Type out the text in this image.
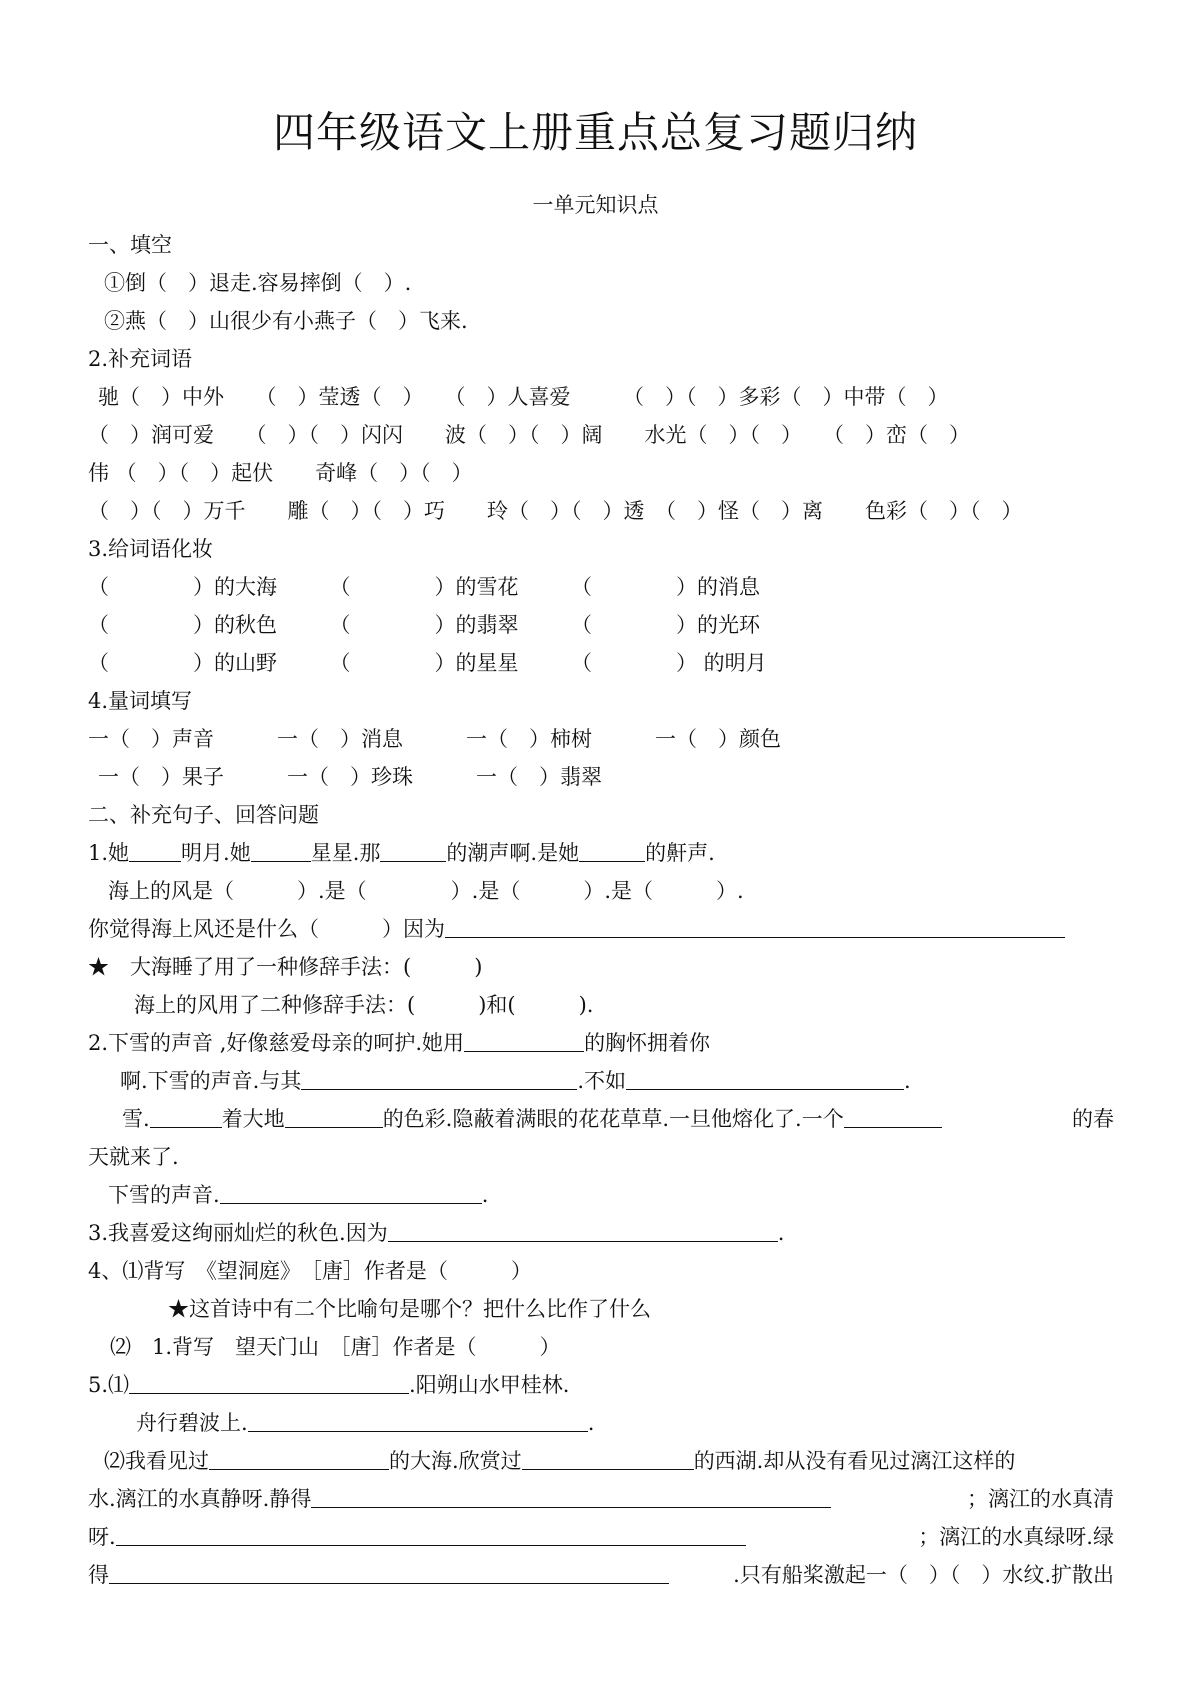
四年级语文上册重点总复习题归纳
一单元知识点
一、填空
①倒（　）退走.容易摔倒（　）.
②燕（　）山很少有小燕子（　）飞来.
2.补充词语
驰（　）中外　　（　）莹透（　）　　（　）人喜爱　　　（　）（　）多彩（　）中带（　）
（　）润可爱　　（　）（　）闪闪　　波（　）（　）阔　　水光（　）（　）　　（　）峦（　）
伟 （　）（　）起伏　　奇峰（　）（　）
（　）（　）万千　　雕（　）（　）巧　　玲（　）（　）透　（　）怪（　）离　　色彩（　）（　）
3.给词语化妆
（　　　　）的大海　　　（　　　　）的雪花　　　（　　　　）的消息
（　　　　）的秋色　　　（　　　　）的翡翠　　　（　　　　）的光环
（　　　　）的山野　　　（　　　　）的星星　　　（　　　　） 的明月
4.量词填写
一（　）声音　　　一（　）消息　　　一（　）柿树　　　一（　）颜色
一（　）果子　　　一（　）珍珠　　　一（　）翡翠
二、补充句子、回答问题
1.她 明月.她	星星.那	的潮声啊.是她	的鼾声.
海上的风是（　　　）.是（　　　　）.是（　　　）.是（　　　）.
你觉得海上风还是什么（　　　）因为
★　大海睡了用了一种修辞手法：(　　　)
海上的风用了二种修辞手法：(　　　)和(　　　).
2.下雪的声音 ,好像慈爱母亲的呵护.她用	的胸怀拥着你
啊.下雪的声音.与其	.不如	.
雪.	着大地	的色彩.隐蔽着满眼的花花草草.一旦他熔化了.一个	的春
天就来了.
下雪的声音.	.
3.我喜爱这绚丽灿烂的秋色.因为	.
4、⑴背写　《望洞庭》　［唐］作者是（　　　）
★这首诗中有二个比喻句是哪个？把什么比作了什么
⑵　1.背写　望天门山　［唐］作者是（　　　）
5.⑴	.阳朔山水甲桂林.
舟行碧波上.	.
⑵我看见过	的大海.欣赏过	的西湖.却从没有看见过漓江这样的
水.漓江的水真静呀.静得	；漓江的水真清
呀.	；漓江的水真绿呀.绿
得	.只有船桨激起一（　）（　）水纹.扩散出
